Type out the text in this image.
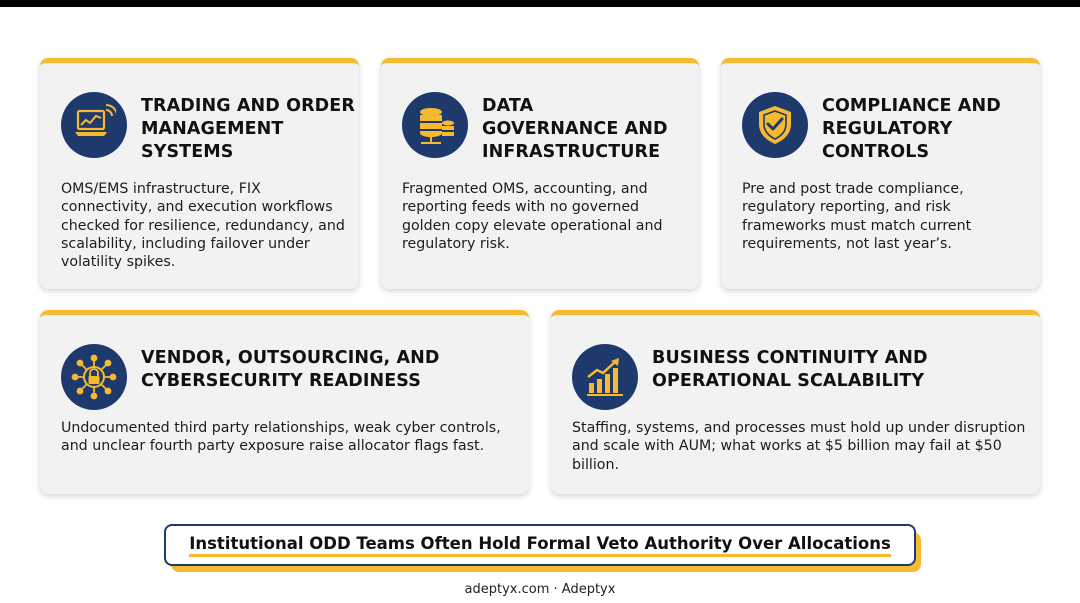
TRADING AND ORDER
MANAGEMENT
SYSTEMS
OMS/EMS infrastructure, FIX connectivity, and execution workflows checked for resilience, redundancy, and scalability, including failover under volatility spikes.
DATA
GOVERNANCE AND
INFRASTRUCTURE
Fragmented OMS, accounting, and reporting feeds with no governed golden copy elevate operational and regulatory risk.
COMPLIANCE AND
REGULATORY
CONTROLS
Pre and post trade compliance, regulatory reporting, and risk frameworks must match current requirements, not last year’s.
VENDOR, OUTSOURCING, AND
CYBERSECURITY READINESS
Undocumented third party relationships, weak cyber controls, and unclear fourth party exposure raise allocator flags fast.
BUSINESS CONTINUITY AND
OPERATIONAL SCALABILITY
Staffing, systems, and processes must hold up under disruption and scale with AUM; what works at $5 billion may fail at $50 billion.
Institutional ODD Teams Often Hold Formal Veto Authority Over Allocations
adeptyx.com · Adeptyx
